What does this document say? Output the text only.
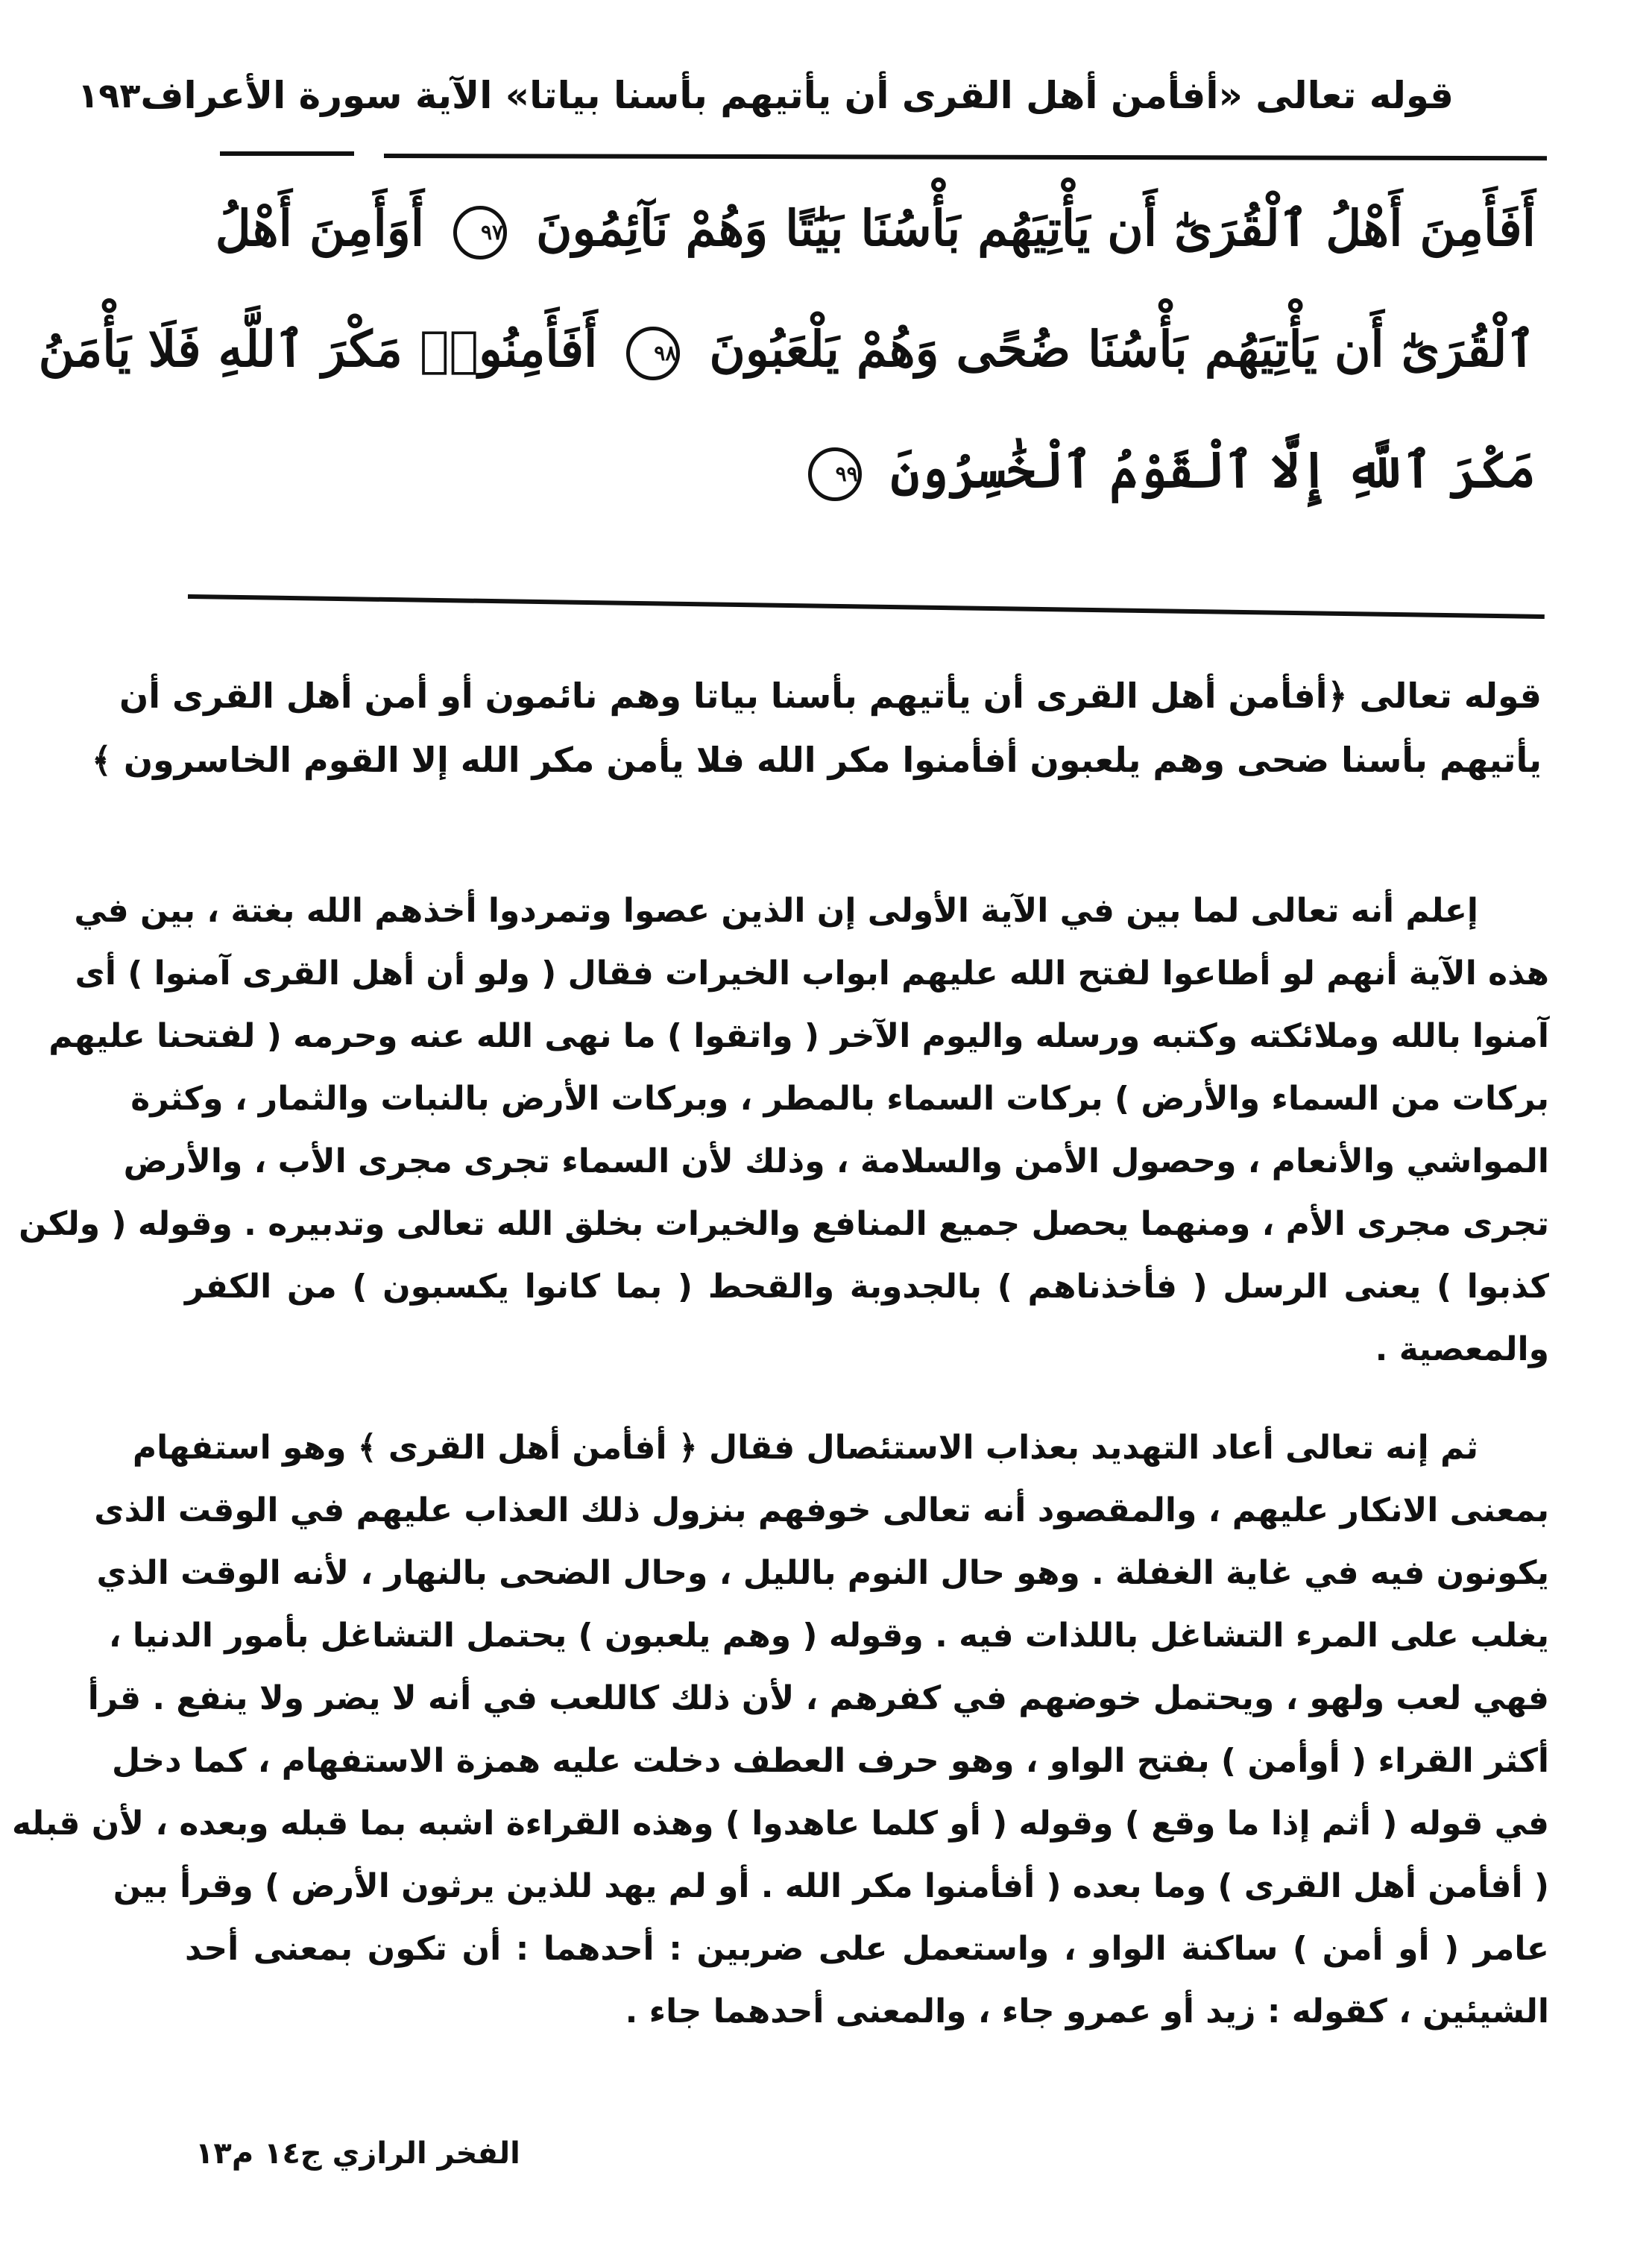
قوله تعالى «أفأمن أهل القرى أن يأتيهم بأسنا بياتا» الآية سورة الأعراف
١٩٣
أَفَأَمِنَ أَهْلُ ٱلْقُرَىٰٓ أَن يَأْتِيَهُم بَأْسُنَا بَيَٰتًا وَهُمْ نَآئِمُونَ ٩٧ أَوَأَمِنَ أَهْلُ
ٱلْقُرَىٰٓ أَن يَأْتِيَهُم بَأْسُنَا ضُحًى وَهُمْ يَلْعَبُونَ ٩٨ أَفَأَمِنُوا۟ مَكْرَ ٱللَّهِ فَلَا يَأْمَنُ
مَكْرَ ٱللَّهِ إِلَّا ٱلْقَوْمُ ٱلْخَٰسِرُونَ ٩٩
قوله تعالى ﴿أفأمن أهل القرى أن يأتيهم بأسنا بياتا وهم نائمون أو أمن أهل القرى أن
يأتيهم بأسنا ضحى وهم يلعبون أفأمنوا مكر الله فلا يأمن مكر الله إلا القوم الخاسرون ﴾
إعلم أنه تعالى لما بين في الآية الأولى إن الذين عصوا وتمردوا أخذهم الله بغتة ، بين في
هذه الآية أنهم لو أطاعوا لفتح الله عليهم ابواب الخيرات فقال ( ولو أن أهل القرى آمنوا ) أى
آمنوا بالله وملائكته وكتبه ورسله واليوم الآخر ( واتقوا ) ما نهى الله عنه وحرمه ( لفتحنا عليهم
بركات من السماء والأرض ) بركات السماء بالمطر ، وبركات الأرض بالنبات والثمار ، وكثرة
المواشي والأنعام ، وحصول الأمن والسلامة ، وذلك لأن السماء تجرى مجرى الأب ، والأرض
تجرى مجرى الأم ، ومنهما يحصل جميع المنافع والخيرات بخلق الله تعالى وتدبيره . وقوله ( ولكن
كذبوا ) يعنى الرسل ( فأخذناهم ) بالجدوبة والقحط ( بما كانوا يكسبون ) من الكفر
والمعصية .
ثم إنه تعالى أعاد التهديد بعذاب الاستئصال فقال ﴿ أفأمن أهل القرى ﴾ وهو استفهام
بمعنى الانكار عليهم ، والمقصود أنه تعالى خوفهم بنزول ذلك العذاب عليهم في الوقت الذى
يكونون فيه في غاية الغفلة . وهو حال النوم بالليل ، وحال الضحى بالنهار ، لأنه الوقت الذي
يغلب على المرء التشاغل باللذات فيه . وقوله ( وهم يلعبون ) يحتمل التشاغل بأمور الدنيا ،
فهي لعب ولهو ، ويحتمل خوضهم في كفرهم ، لأن ذلك كاللعب في أنه لا يضر ولا ينفع . قرأ
أكثر القراء ( أوأمن ) بفتح الواو ، وهو حرف العطف دخلت عليه همزة الاستفهام ، كما دخل
في قوله ( أثم إذا ما وقع ) وقوله ( أو كلما عاهدوا ) وهذه القراءة اشبه بما قبله وبعده ، لأن قبله
( أفأمن أهل القرى ) وما بعده ( أفأمنوا مكر الله . أو لم يهد للذين يرثون الأرض ) وقرأ بين
عامر ( أو أمن ) ساكنة الواو ، واستعمل على ضربين : أحدهما : أن تكون بمعنى أحد
الشيئين ، كقوله : زيد أو عمرو جاء ، والمعنى أحدهما جاء .
الفخر الرازي ج١٤ م١٣
